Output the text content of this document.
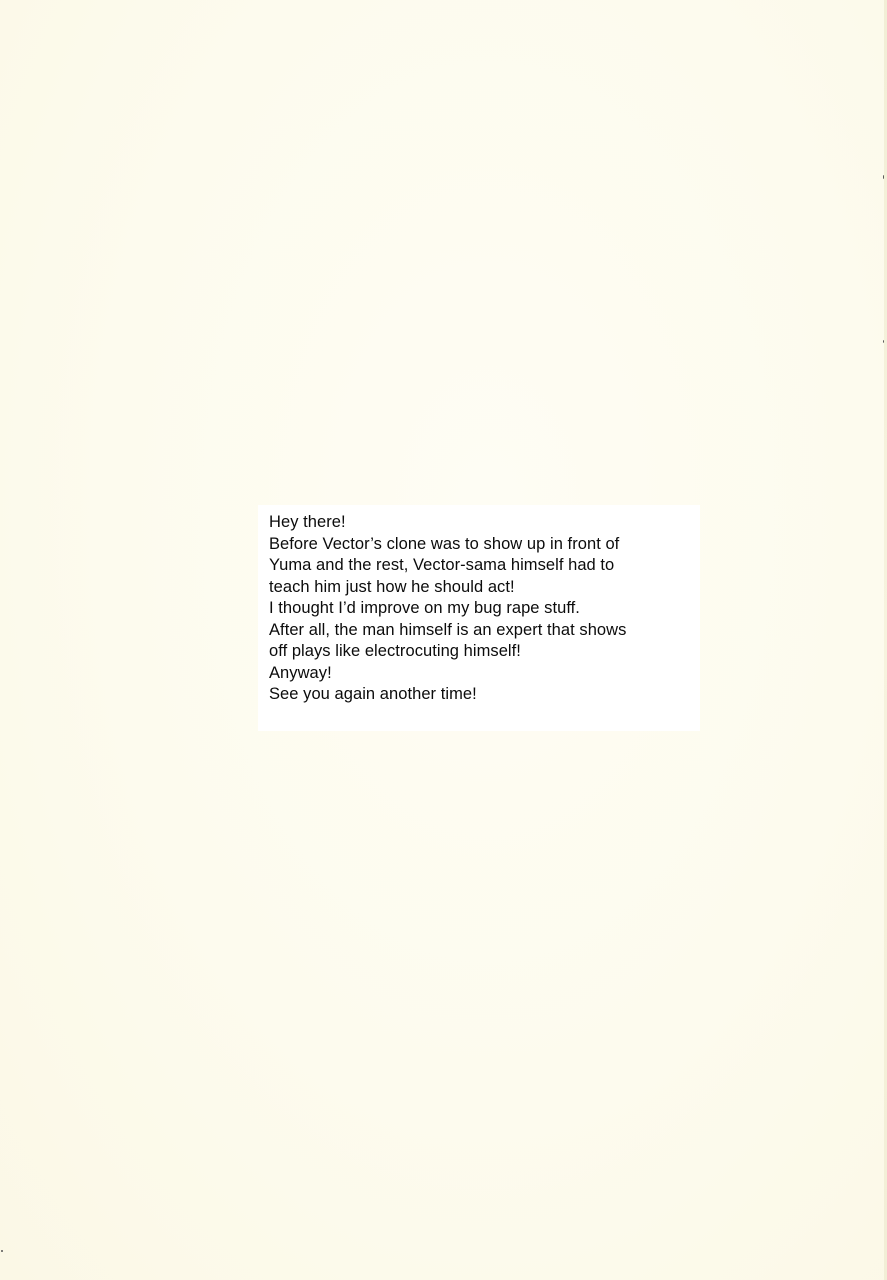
Hey there!
Before Vector’s clone was to show up in front of
Yuma and the rest, Vector-sama himself had to
teach him just how he should act!
I thought I’d improve on my bug rape stuff.
After all, the man himself is an expert that shows
off plays like electrocuting himself!
Anyway!
See you again another time!
